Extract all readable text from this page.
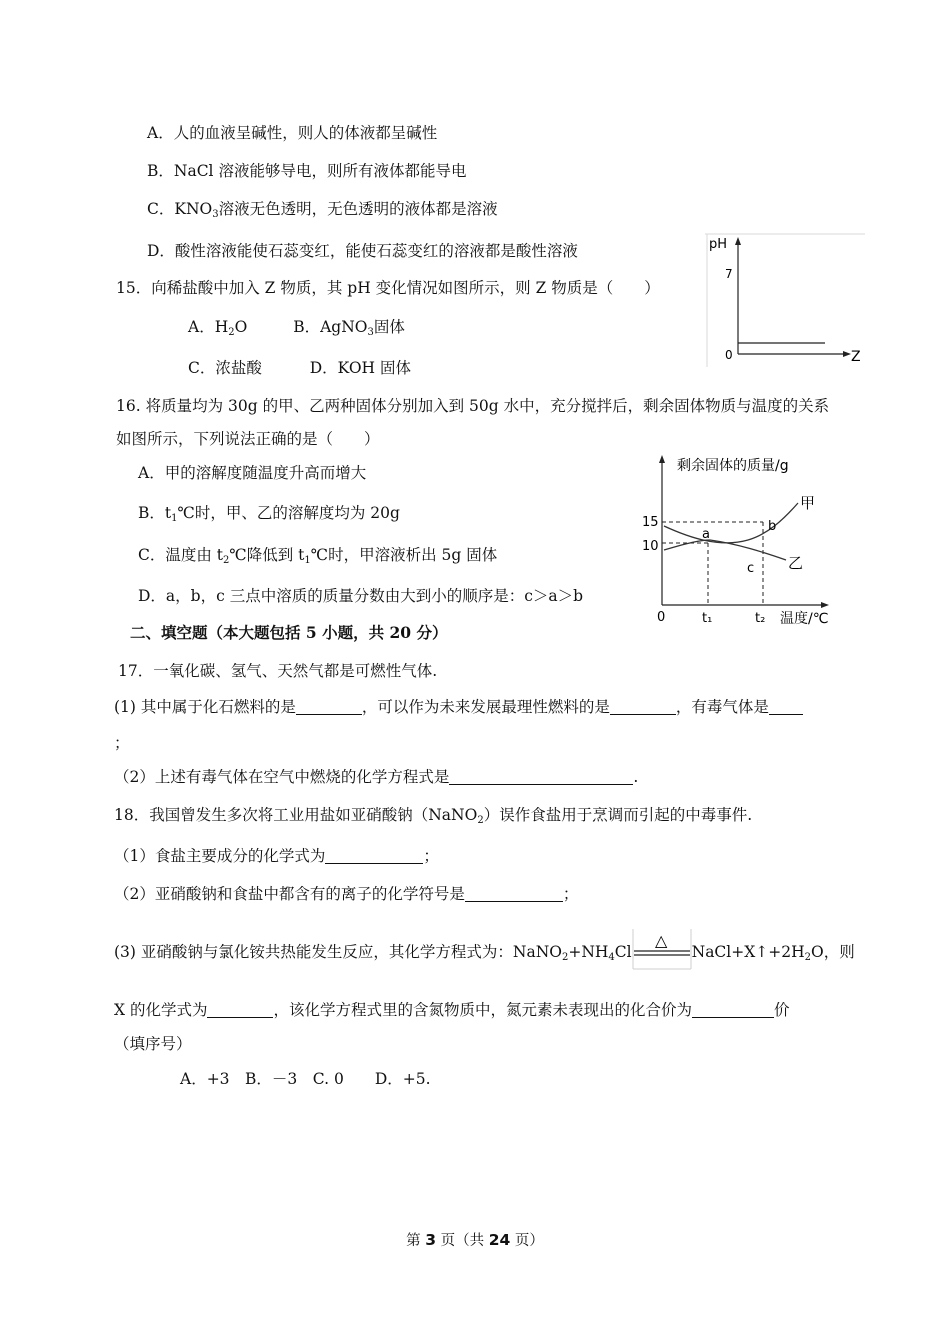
A．人的血液呈碱性，则人的体液都呈碱性
B．NaCl 溶液能够导电，则所有液体都能导电
C．$KNO_3$溶液无色透明，无色透明的液体都是溶液
D．酸性溶液能使石蕊变红，能使石蕊变红的溶液都是酸性溶液
15．向稀盐酸中加入 Z 物质，其 pH 变化情况如图所示，则 Z 物质是（　　）
A．$H_2O$	B．AgNO$_3$固体
C．浓盐酸	D．KOH 固体
pH
7
0	Z
16. 将质量均为 30g 的甲、乙两种固体分别加入到 50g 水中，充分搅拌后，剩余固体物质与温度的关系
如图所示，下列说法正确的是（　　）
A．甲的溶解度随温度升高而增大
B．$t_1℃$时，甲、乙的溶解度均为 20g
C．温度由 $t_2℃$降低到 $t_1℃$时，甲溶液析出 5g 固体
D．a，b，c 三点中溶质的质量分数由大到小的顺序是：c＞a＞b
剩余固体的质量/g
15
10
0	t₁	t₂ 温度/℃
甲
乙
a
b
c
二、填空题（本大题包括 5 小题，共 20 分）
17．一氧化碳、氢气、天然气都是可燃性气体.
(1) 其中属于化石燃料的是	，可以作为未来发展最理性燃料的是	，有毒气体是
；
（2）上述有毒气体在空气中燃烧的化学方程式是	.
18．我国曾发生多次将工业用盐如亚硝酸钠（NaNO$_2$）误作食盐用于烹调而引起的中毒事件.
（1）食盐主要成分的化学式为	；
（2）亚硝酸钠和食盐中都含有的离子的化学符号是	；
(3) 亚硝酸钠与氯化铵共热能发生反应，其化学方程式为：$NaNO_2+NH_4Cl$
△
$NaCl+X↑+2H_2O$，则
X 的化学式为	，该化学方程式里的含氮物质中，氮元素未表现出的化合价为	价
（填序号）
A．+3　B．－3　C. 0　　D．+5.
第 3 页（共 24 页）
